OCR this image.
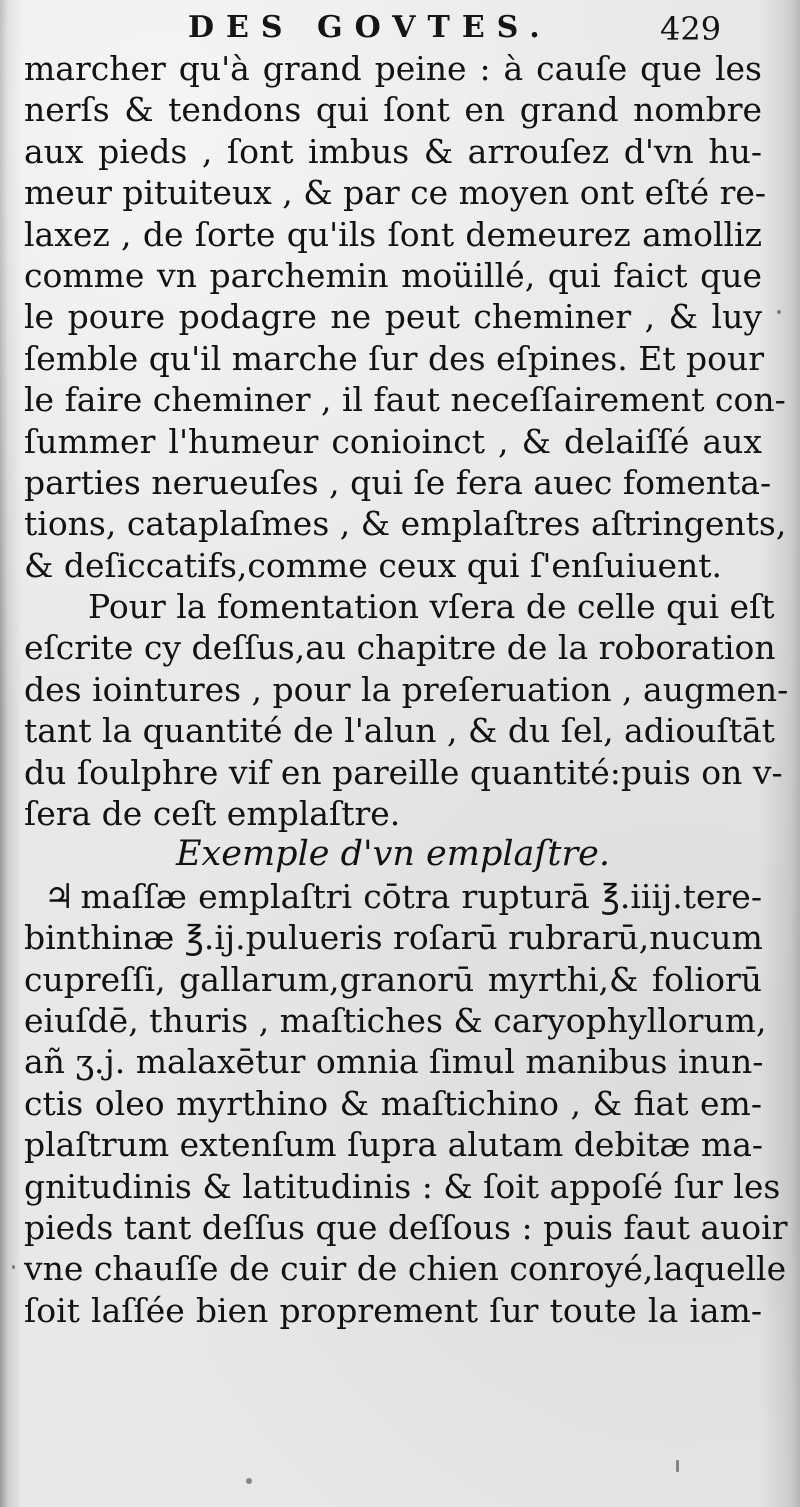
DES GOVTES.	429
marcher qu'à grand peine : à cauſe que les
nerſs & tendons qui ſont en grand nombre
aux pieds , ſont imbus & arrouſez d'vn hu-
meur pituiteux , & par ce moyen ont eſté re-
laxez , de ſorte qu'ils ſont demeurez amolliz
comme vn parchemin moüillé, qui faict que
le poure podagre ne peut cheminer , & luy
ſemble qu'il marche ſur des eſpines. Et pour
le faire cheminer , il faut neceſſairement con-
ſummer l'humeur conioinct , & delaiſſé aux
parties nerueuſes , qui ſe fera auec fomenta-
tions, cataplaſmes , & emplaſtres aſtringents,
& deſiccatifs,comme ceux qui ſ'enſuiuent.
Pour la fomentation vſera de celle qui eſt
eſcrite cy deſſus,au chapitre de la roboration
des iointures , pour la preſeruation , augmen-
tant la quantité de l'alun , & du ſel, adiouſtāt
du ſoulphre vif en pareille quantité:puis on v-
ſera de ceſt emplaſtre.
Exemple d'vn emplaſtre.
♃ maſſæ emplaſtri cōtra rupturā ℥.iiij.tere-
binthinæ ℥.ij.pulueris roſarū rubrarū,nucum
cupreſſi, gallarum,granorū myrthi,& foliorū
eiuſdē, thuris , maſtiches & caryophyllorum,
añ ʒ.j. malaxētur omnia ſimul manibus inun-
ctis oleo myrthino & maſtichino , & fiat em-
plaſtrum extenſum ſupra alutam debitæ ma-
gnitudinis & latitudinis : & ſoit appoſé ſur les
pieds tant deſſus que deſſous : puis faut auoir
vne chauſſe de cuir de chien conroyé,laquelle
ſoit laſſée bien proprement ſur toute la iam-
